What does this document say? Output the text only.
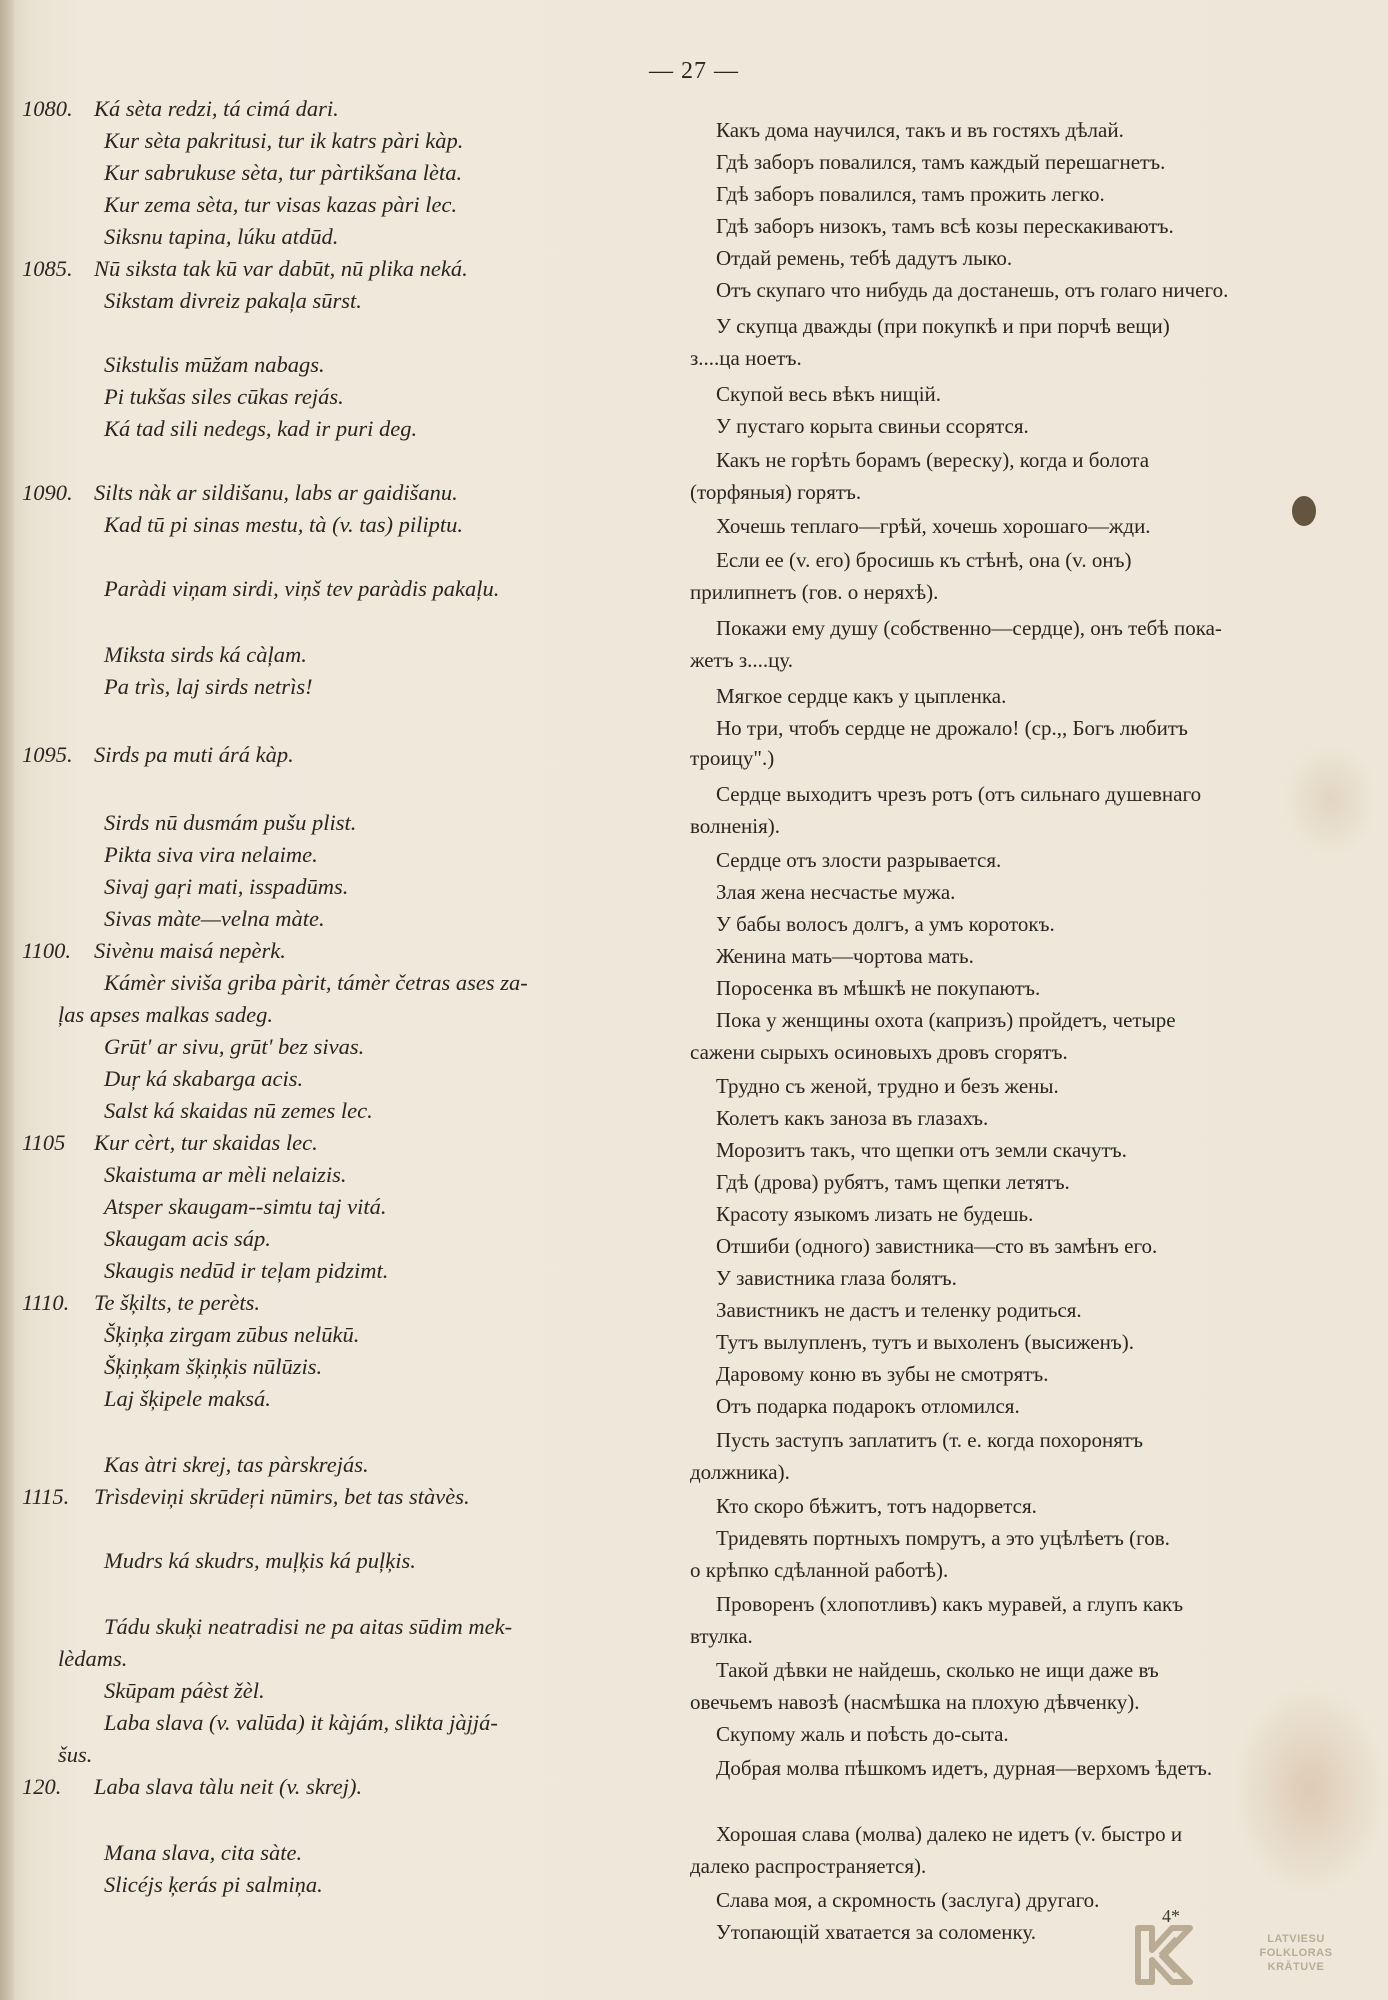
— 27 —
1080. Ká sèta redzi, tá cimá dari.
Kur sèta pakritusi, tur ik katrs pàri kàp.
Kur sabrukuse sèta, tur pàrtikšana lèta.
Kur zema sèta, tur visas kazas pàri lec.
Siksnu tapina, lúku atdūd.
1085. Nū siksta tak kū var dabūt, nū plika neká.
Sikstam divreiz pakaļa sūrst.
Sikstulis mūžam nabags.
Pi tukšas siles cūkas rejás.
Ká tad sili nedegs, kad ir puri deg.
1090. Silts nàk ar sildišanu, labs ar gaidišanu.
Kad tū pi sinas mestu, tà (v. tas) piliptu.
Paràdi viņam sirdi, viņš tev paràdis pakaļu.
Miksta sirds ká càļam.
Pa trìs, laj sirds netrìs!
1095. Sirds pa muti árá kàp.
Sirds nū dusmám pušu plist.
Pikta siva vira nelaime.
Sivaj gaŗi mati, isspadūms.
Sivas màte—velna màte.
1100.	Sivènu maisá nepèrk.
Kámèr sivišа griba pàrit, támèr četras ases za-
ļas apses malkas sadeg.
Grūt' ar sivu, grūt' bez sivas.
Duŗ ká skabarga acis.
Salst ká skaidas nū zemes lec.
1105	Kur cèrt, tur skaidas lec.
Skaistuma ar mèli nelaizis.
Atsper skaugam--simtu taj vitá.
Skaugam acis sáp.
Skaugis nedūd ir teļam pidzimt.
1110.	Te šķilts, te perèts.
Šķiņķa zirgam zūbus nelūkū.
Šķiņķam šķiņķis nūlūzis.
Laj šķipele maksá.
Kas àtri skrej, tas pàrskrejás.
1115.	Trìsdeviņi skrūdeŗi nūmirs, bet tas stàvès.
Mudrs ká skudrs, muļķis ká puļķis.
Tádu skuķi neatradisi ne pa aitas sūdim mek-
lèdams.
Skūpam páèst žèl.
Laba slava (v. valūda) it kàjám, slikta jàjjá-
šus.
120.	Laba slava tàlu neit (v. skrej).
Mana slava, cita sàte.
Slicéjs ķerás pi salmiņa.
Какъ дома научился, такъ и въ гостяхъ дѣлай.
Гдѣ заборъ повалился, тамъ каждый перешагнетъ.
Гдѣ заборъ повалился, тамъ прожить легко.
Гдѣ заборъ низокъ, тамъ всѣ козы перескакиваютъ.
Отдай ремень, тебѣ дадутъ лыко.
Отъ скупаго что нибудь да достанешь, отъ голаго ничего.
У скупца дважды (при покупкѣ и при порчѣ вещи)
з....ца ноетъ.
Скупой весь вѣкъ нищій.
У пустаго корыта свиньи ссорятся.
Какъ не горѣть борамъ (вереску), когда и болота
(торфяныя) горятъ.
Хочешь теплаго—грѣй, хочешь хорошаго—жди.
Если ее (v. его) бросишь къ стѣнѣ, она (v. онъ)
прилипнетъ (гов. о неряхѣ).
Покажи ему душу (собственно—сердце), онъ тебѣ пока-
жетъ з....цу.
Мягкое сердце какъ у цыпленка.
Но три, чтобъ сердце не дрожало! (ср.,, Богъ любитъ
троицу".)
Сердце выходитъ чрезъ ротъ (отъ сильнаго душевнаго
волненія).
Сердце отъ злости разрывается.
Злая жена несчастье мужа.
У бабы волосъ долгъ, а умъ коротокъ.
Женина мать—чортова мать.
Поросенка въ мѣшкѣ не покупаютъ.
Пока у женщины охота (капризъ) пройдетъ, четыре
сажени сырыхъ осиновыхъ дровъ сгорятъ.
Трудно съ женой, трудно и безъ жены.
Колетъ какъ заноза въ глазахъ.
Морозитъ такъ, что щепки отъ земли скачутъ.
Гдѣ (дрова) рубятъ, тамъ щепки летятъ.
Красоту языкомъ лизать не будешь.
Отшиби (одного) завистника—сто въ замѣнъ его.
У завистника глаза болятъ.
Завистникъ не дастъ и теленку родиться.
Тутъ вылупленъ, тутъ и выхоленъ (высиженъ).
Даровому коню въ зубы не смотрятъ.
Отъ подарка подарокъ отломился.
Пусть заступъ заплатитъ (т. е. когда похоронятъ
должника).
Кто скоро бѣжитъ, тотъ надорвется.
Тридевять портныхъ помрутъ, а это уцѣлѣетъ (гов.
о крѣпко сдѣланной работѣ).
Проворенъ (хлопотливъ) какъ муравей, а глупъ какъ
втулка.
Такой дѣвки не найдешь, сколько не ищи даже въ
овечьемъ навозѣ (насмѣшка на плохую дѣвченку).
Скупому жаль и поѣсть до-сыта.
Добрая молва пѣшкомъ идетъ, дурная—верхомъ ѣдетъ.
Хорошая слава (молва) далеко не идетъ (v. быстро и
далеко распространяется).
Слава моя, а скромность (заслуга) другаго.
Утопающій хватается за соломенку.
4*
LATVIESU
FOLKLORAS
KRĀTUVE
